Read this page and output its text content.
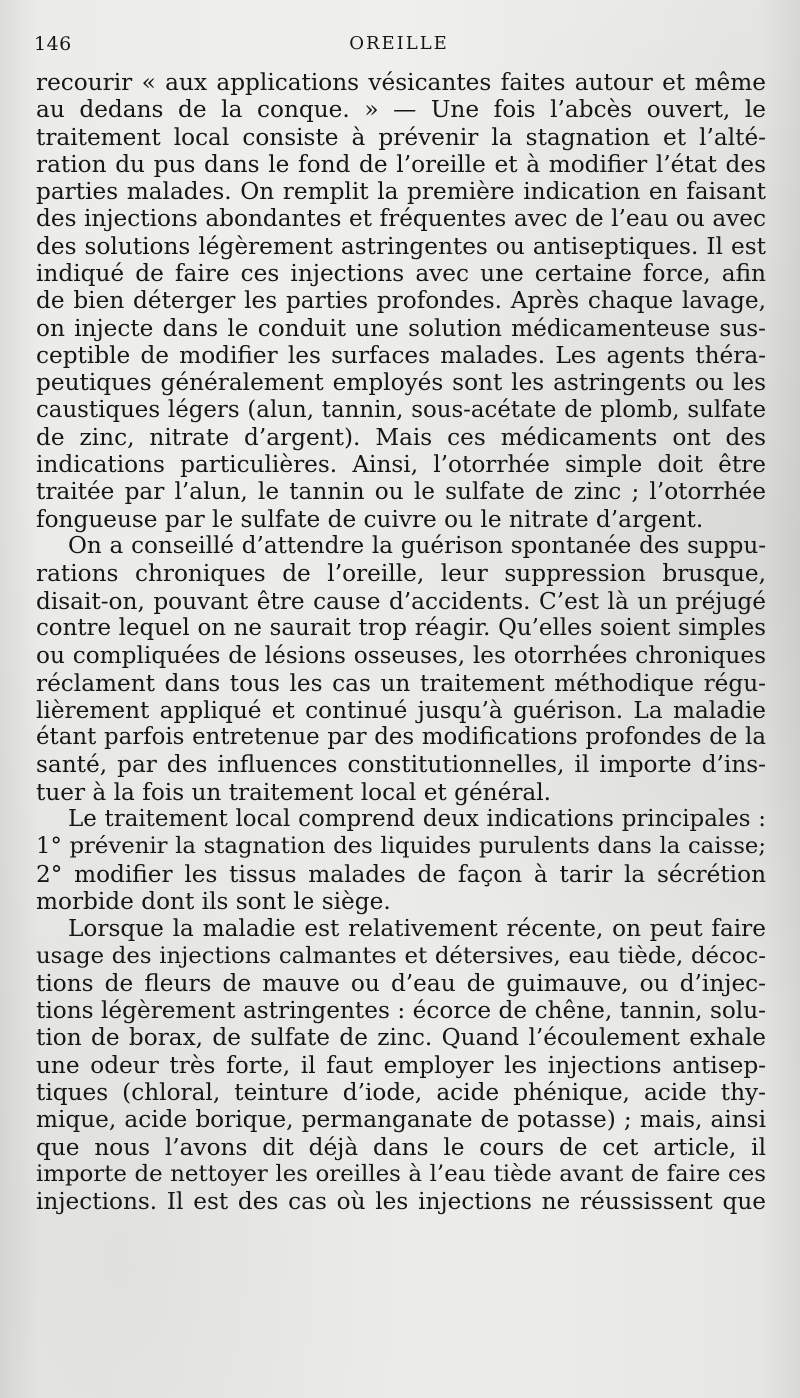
146	OREILLE
recourir « aux applications vésicantes faites autour et même
au dedans de la conque. » — Une fois l’abcès ouvert, le
traitement local consiste à prévenir la stagnation et l’alté-
ration du pus dans le fond de l’oreille et à modifier l’état des
parties malades. On remplit la première indication en faisant
des injections abondantes et fréquentes avec de l’eau ou avec
des solutions légèrement astringentes ou antiseptiques. Il est
indiqué de faire ces injections avec une certaine force, afin
de bien déterger les parties profondes. Après chaque lavage,
on injecte dans le conduit une solution médicamenteuse sus-
ceptible de modifier les surfaces malades. Les agents théra-
peutiques généralement employés sont les astringents ou les
caustiques légers (alun, tannin, sous-acétate de plomb, sulfate
de zinc, nitrate d’argent). Mais ces médicaments ont des
indications particulières. Ainsi, l’otorrhée simple doit être
traitée par l’alun, le tannin ou le sulfate de zinc ; l’otorrhée
fongueuse par le sulfate de cuivre ou le nitrate d’argent.
On a conseillé d’attendre la guérison spontanée des suppu-
rations chroniques de l’oreille, leur suppression brusque,
disait-on, pouvant être cause d’accidents. C’est là un préjugé
contre lequel on ne saurait trop réagir. Qu’elles soient simples
ou compliquées de lésions osseuses, les otorrhées chroniques
réclament dans tous les cas un traitement méthodique régu-
lièrement appliqué et continué jusqu’à guérison. La maladie
étant parfois entretenue par des modifications profondes de la
santé, par des influences constitutionnelles, il importe d’ins-
tuer à la fois un traitement local et général.
Le traitement local comprend deux indications principales :
1° prévenir la stagnation des liquides purulents dans la caisse;
2° modifier les tissus malades de façon à tarir la sécrétion
morbide dont ils sont le siège.
Lorsque la maladie est relativement récente, on peut faire
usage des injections calmantes et détersives, eau tiède, décoc-
tions de fleurs de mauve ou d’eau de guimauve, ou d’injec-
tions légèrement astringentes : écorce de chêne, tannin, solu-
tion de borax, de sulfate de zinc. Quand l’écoulement exhale
une odeur très forte, il faut employer les injections antisep-
tiques (chloral, teinture d’iode, acide phénique, acide thy-
mique, acide borique, permanganate de potasse) ; mais, ainsi
que nous l’avons dit déjà dans le cours de cet article, il
importe de nettoyer les oreilles à l’eau tiède avant de faire ces
injections. Il est des cas où les injections ne réussissent que
